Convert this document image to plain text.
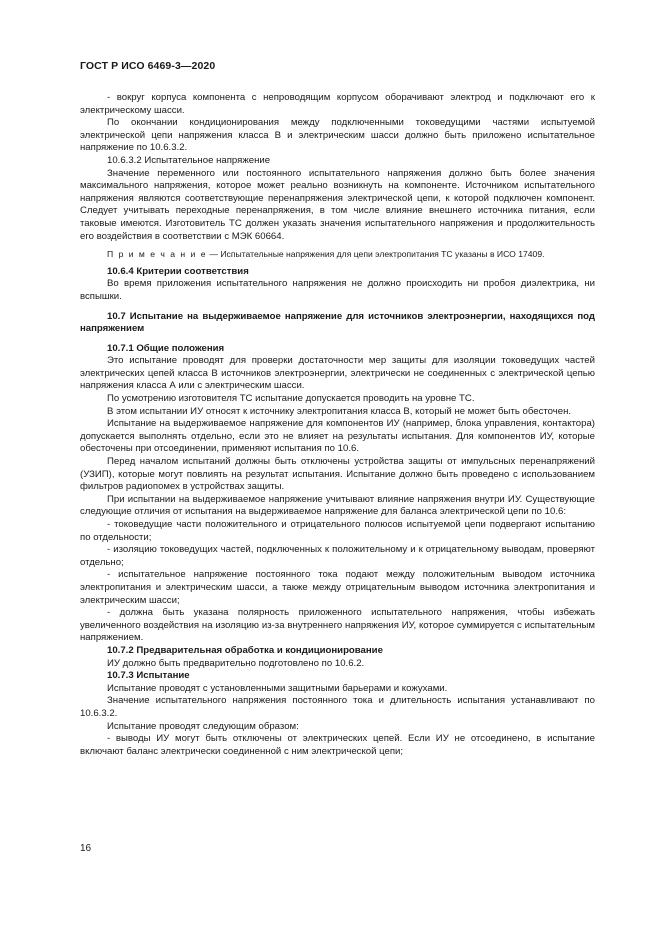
ГОСТ Р ИСО 6469-3—2020

- вокруг корпуса компонента с непроводящим корпусом оборачивают электрод и подключают его к электрическому шасси.

По окончании кондиционирования между подключенными токоведущими частями испытуемой электрической цепи напряжения класса В и электрическим шасси должно быть приложено испытательное напряжение по 10.6.3.2.

10.6.3.2 Испытательное напряжение

Значение переменного или постоянного испытательного напряжения должно быть более значения максимального напряжения, которое может реально возникнуть на компоненте. Источником испытательного напряжения являются соответствующие перенапряжения электрической цепи, к которой подключен компонент. Следует учитывать переходные перенапряжения, в том числе влияние внешнего источника питания, если таковые имеются. Изготовитель ТС должен указать значения испытательного напряжения и продолжительность его воздействия в соответствии с МЭК 60664.

П р и м е ч а н и е — Испытательные напряжения для цепи электропитания ТС указаны в ИСО 17409.

10.6.4 Критерии соответствия

Во время приложения испытательного напряжения не должно происходить ни пробоя диэлектрика, ни вспышки.

10.7 Испытание на выдерживаемое напряжение для источников электроэнергии, находящихся под напряжением

10.7.1 Общие положения

Это испытание проводят для проверки достаточности мер защиты для изоляции токоведущих частей электрических цепей класса В источников электроэнергии, электрически не соединенных с электрической цепью напряжения класса А или с электрическим шасси.

По усмотрению изготовителя ТС испытание допускается проводить на уровне ТС.

В этом испытании ИУ относят к источнику электропитания класса В, который не может быть обесточен.

Испытание на выдерживаемое напряжение для компонентов ИУ (например, блока управления, контактора) допускается выполнять отдельно, если это не влияет на результаты испытания. Для компонентов ИУ, которые обесточены при отсоединении, применяют испытания по 10.6.

Перед началом испытаний должны быть отключены устройства защиты от импульсных перенапряжений (УЗИП), которые могут повлиять на результат испытания. Испытание должно быть проведено с использованием фильтров радиопомех в устройствах защиты.

При испытании на выдерживаемое напряжение учитывают влияние напряжения внутри ИУ. Существующие следующие отличия от испытания на выдерживаемое напряжение для баланса электрической цепи по 10.6:

- токоведущие части положительного и отрицательного полюсов испытуемой цепи подвергают испытанию по отдельности;

- изоляцию токоведущих частей, подключенных к положительному и к отрицательному выводам, проверяют отдельно;

- испытательное напряжение постоянного тока подают между положительным выводом источника электропитания и электрическим шасси, а также между отрицательным выводом источника электропитания и электрическим шасси;

- должна быть указана полярность приложенного испытательного напряжения, чтобы избежать увеличенного воздействия на изоляцию из-за внутреннего напряжения ИУ, которое суммируется с испытательным напряжением.

10.7.2 Предварительная обработка и кондиционирование

ИУ должно быть предварительно подготовлено по 10.6.2.

10.7.3 Испытание

Испытание проводят с установленными защитными барьерами и кожухами.

Значение испытательного напряжения постоянного тока и длительность испытания устанавливают по 10.6.3.2.

Испытание проводят следующим образом:

- выводы ИУ могут быть отключены от электрических цепей. Если ИУ не отсоединено, в испытание включают баланс электрически соединенной с ним электрической цепи;

16
